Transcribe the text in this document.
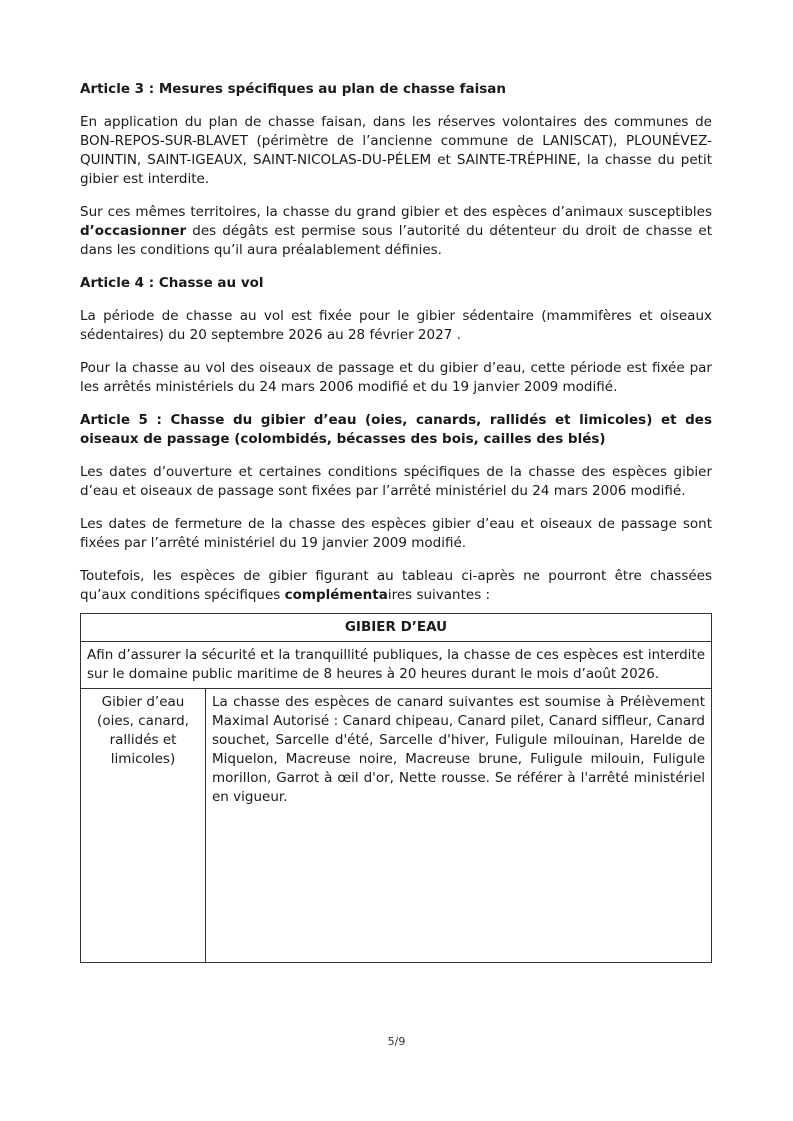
Article 3 : Mesures spécifiques au plan de chasse faisan

En application du plan de chasse faisan, dans les réserves volontaires des communes de BON-REPOS-SUR-BLAVET (périmètre de l’ancienne commune de LANISCAT), PLOUNÉVEZ-QUINTIN, SAINT-IGEAUX, SAINT-NICOLAS-DU-PÉLEM et SAINTE-TRÉPHINE, la chasse du petit gibier est interdite.

Sur ces mêmes territoires, la chasse du grand gibier et des espèces d’animaux susceptibles d’occasionner des dégâts est permise sous l’autorité du détenteur du droit de chasse et dans les conditions qu’il aura préalablement définies.

Article 4 : Chasse au vol

La période de chasse au vol est fixée pour le gibier sédentaire (mammifères et oiseaux sédentaires) du 20 septembre 2026 au 28 février 2027 .

Pour la chasse au vol des oiseaux de passage et du gibier d’eau, cette période est fixée par les arrêtés ministériels du 24 mars 2006 modifié et du 19 janvier 2009 modifié.

Article 5 : Chasse du gibier d’eau (oies, canards, rallidés et limicoles) et des oiseaux de passage (colombidés, bécasses des bois, cailles des blés)

Les dates d’ouverture et certaines conditions spécifiques de la chasse des espèces gibier d’eau et oiseaux de passage sont fixées par l’arrêté ministériel du 24 mars 2006 modifié.

Les dates de fermeture de la chasse des espèces gibier d’eau et oiseaux de passage sont fixées par l’arrêté ministériel du 19 janvier 2009 modifié.

Toutefois, les espèces de gibier figurant au tableau ci-après ne pourront être chassées qu’aux conditions spécifiques complémentaires suivantes :

GIBIER D’EAU
Afin d’assurer la sécurité et la tranquillité publiques, la chasse de ces espèces est interdite sur le domaine public maritime de 8 heures à 20 heures durant le mois d’août 2026.

Gibier d’eau
(oies, canard,
rallidés et
limicoles)
	La chasse des espèces de canard suivantes est soumise à Prélèvement Maximal Autorisé : Canard chipeau, Canard pilet, Canard siffleur, Canard souchet, Sarcelle d'été, Sarcelle d'hiver, Fuligule milouinan, Harelde de Miquelon, Macreuse noire, Macreuse brune, Fuligule milouin, Fuligule morillon, Garrot à œil d'or, Nette rousse. Se référer à l'arrêté ministériel en vigueur.
5/9
